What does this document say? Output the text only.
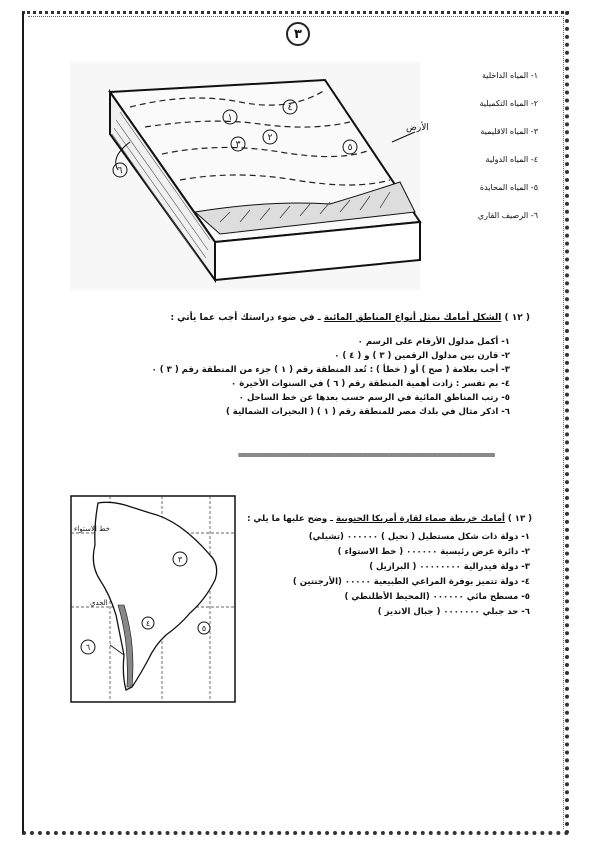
٣
٤
١
٢
٣	٥
٦
الأرض
١- المياه الداخلية
٢- المياه التكميلية
٣- المياه الاقليمية
٤- المياه الدولية
٥- المياه المحايدة
٦- الرصيف القاري
( ١٢ ) الشكل أمامك يمثل أنواع المناطق المائية ـ في ضوء دراستك أجب عما يأتي :
١- أكمل مدلول الأرقام على الرسم ٠
٢- قارن بين مدلول الرقمين ( ٣ ) و ( ٤ ) ٠
٣- أجب بعلامة ( صح ) أو ( خطأ ) : تُعد المنطقة رقم ( ١ ) جزء من المنطقة رقم ( ٣ ) ٠
٤- بم تفسر : زادت أهمية المنطقة رقم ( ٦ ) في السنوات الأخيرة ٠
٥- رتب المناطق المائية في الرسم حسب بعدها عن خط الساحل ٠
٦- اذكر مثال في بلدك مصر للمنطقة رقم ( ١ ) ( البحيرات الشمالية )
==========================================================
٣
٤
٥
٦
خط الاستواء
الجدي
( ١٣ ) أمامك خريطة صماء لقارة أمريكا الجنوبية ـ وضح عليها ما يلي :
١- دولة ذات شكل مستطيل ( نحيل ) ٠٠٠٠٠٠ (تشيلي)
٢- دائرة عرض رئيسية ٠٠٠٠٠٠ ( خط الاستواء )
٣- دولة فيدرالية ٠٠٠٠٠٠٠٠ ( البرازيل )
٤- دولة تتميز بوفرة المراعي الطبيعية ٠٠٠٠٠ (الأرجنتين )
٥- مسطح مائي ٠٠٠٠٠٠ (المحيط الأطلنطي )
٦- حد جبلي ٠٠٠٠٠٠٠ ( جبال الانديز )
